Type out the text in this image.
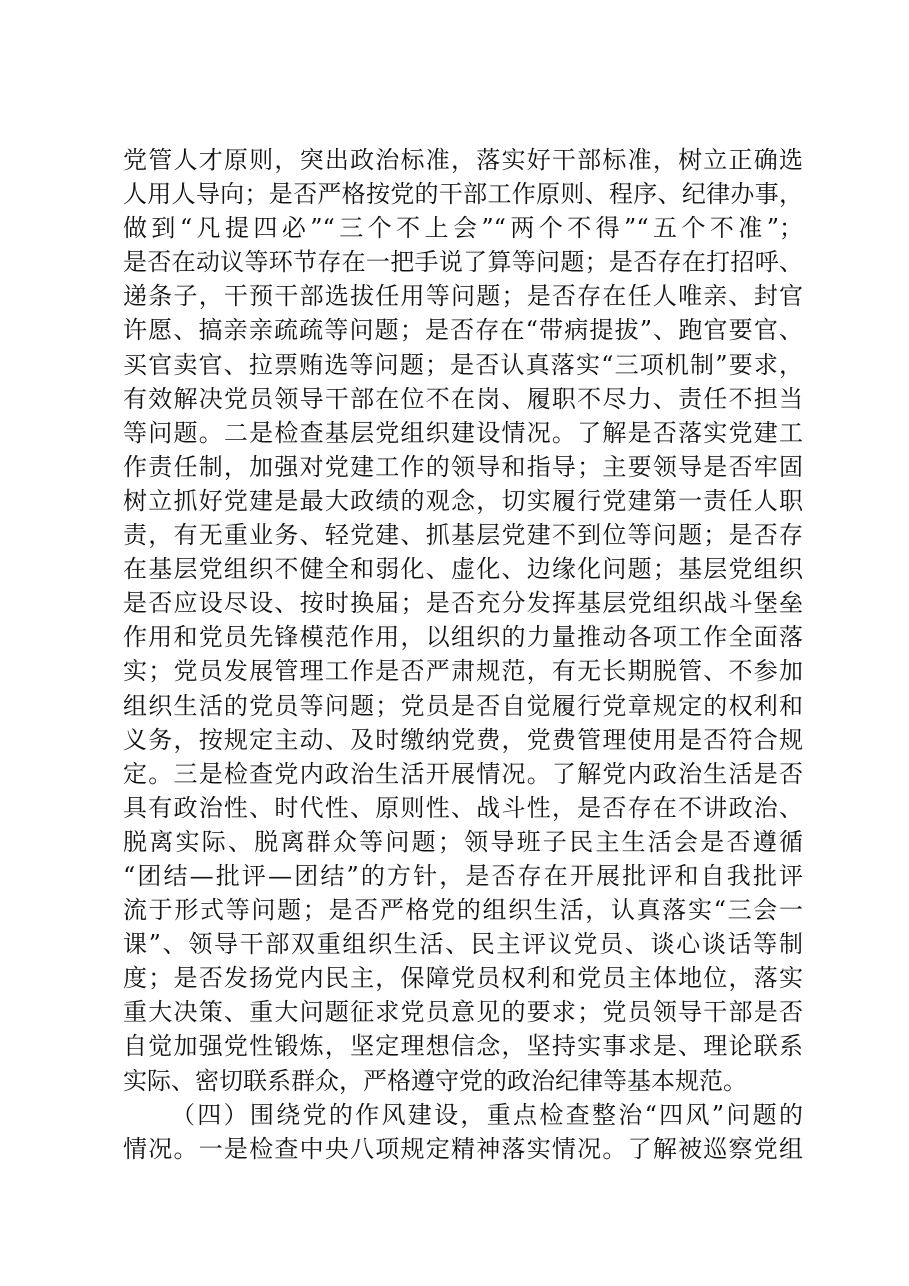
党管人才原则，突出政治标准，落实好干部标准，树立正确选
人用人导向；是否严格按党的干部工作原则、程序、纪律办事，
做到“凡提四必”“三个不上会”“两个不得”“五个不准”；
是否在动议等环节存在一把手说了算等问题；是否存在打招呼、
递条子，干预干部选拔任用等问题；是否存在任人唯亲、封官
许愿、搞亲亲疏疏等问题；是否存在“带病提拔”、跑官要官、
买官卖官、拉票贿选等问题；是否认真落实“三项机制”要求，
有效解决党员领导干部在位不在岗、履职不尽力、责任不担当
等问题。二是检查基层党组织建设情况。了解是否落实党建工
作责任制，加强对党建工作的领导和指导；主要领导是否牢固
树立抓好党建是最大政绩的观念，切实履行党建第一责任人职
责，有无重业务、轻党建、抓基层党建不到位等问题；是否存
在基层党组织不健全和弱化、虚化、边缘化问题；基层党组织
是否应设尽设、按时换届；是否充分发挥基层党组织战斗堡垒
作用和党员先锋模范作用，以组织的力量推动各项工作全面落
实；党员发展管理工作是否严肃规范，有无长期脱管、不参加
组织生活的党员等问题；党员是否自觉履行党章规定的权利和
义务，按规定主动、及时缴纳党费，党费管理使用是否符合规
定。三是检查党内政治生活开展情况。了解党内政治生活是否
具有政治性、时代性、原则性、战斗性，是否存在不讲政治、
脱离实际、脱离群众等问题；领导班子民主生活会是否遵循
“团结—批评—团结”的方针，是否存在开展批评和自我批评
流于形式等问题；是否严格党的组织生活，认真落实“三会一
课”、领导干部双重组织生活、民主评议党员、谈心谈话等制
度；是否发扬党内民主，保障党员权利和党员主体地位，落实
重大决策、重大问题征求党员意见的要求；党员领导干部是否
自觉加强党性锻炼，坚定理想信念，坚持实事求是、理论联系
实际、密切联系群众，严格遵守党的政治纪律等基本规范。
（四）围绕党的作风建设，重点检查整治“四风”问题的
情况。一是检查中央八项规定精神落实情况。了解被巡察党组
